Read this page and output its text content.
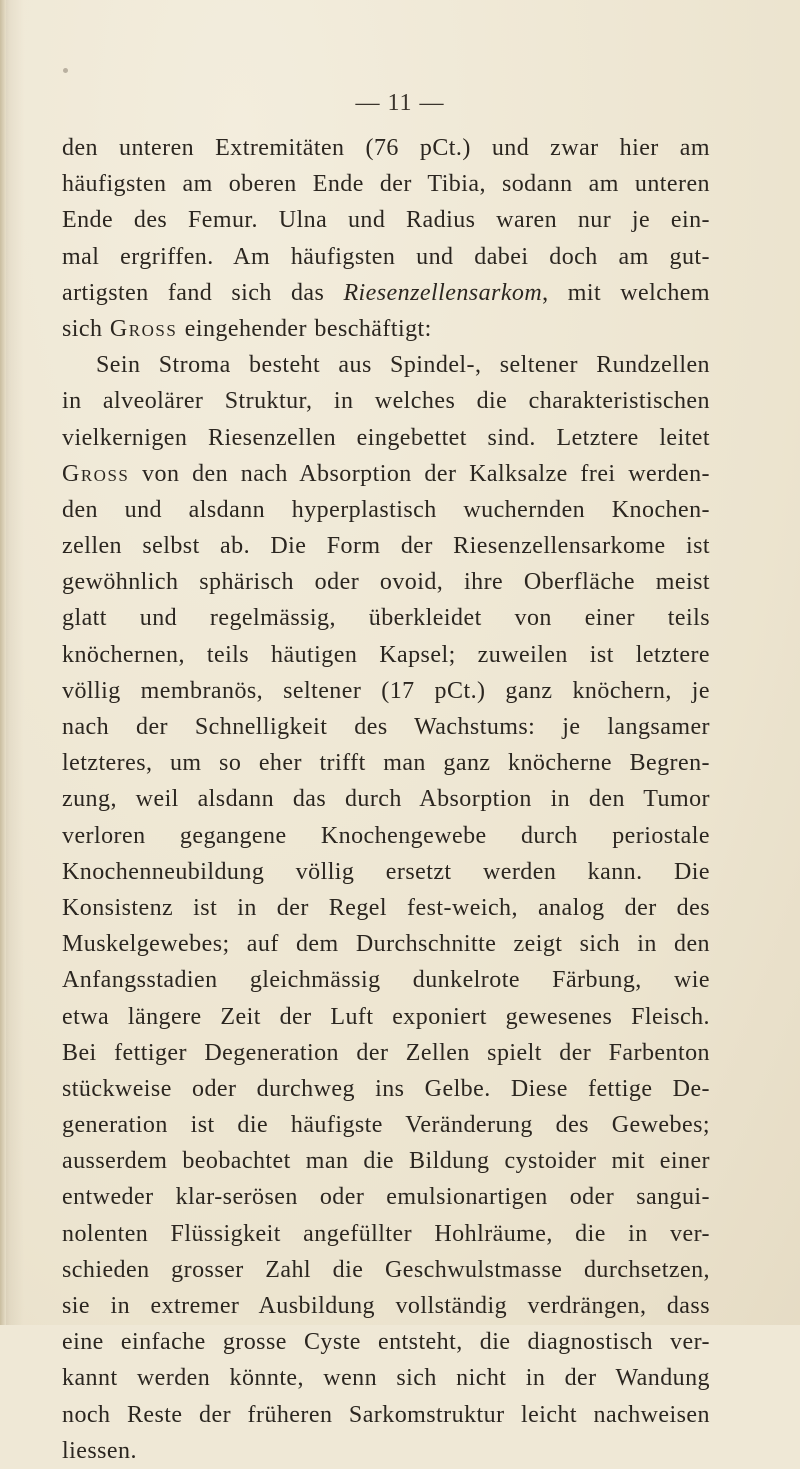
— 11 —
den unteren Extremitäten (76 pCt.) und zwar hier am
häufigsten am oberen Ende der Tibia, sodann am unteren
Ende des Femur. Ulna und Radius waren nur je ein-
mal ergriffen. Am häufigsten und dabei doch am gut-
artigsten fand sich das Riesenzellensarkom, mit welchem
sich Gross eingehender beschäftigt:
Sein Stroma besteht aus Spindel-, seltener Rundzellen
in alveolärer Struktur, in welches die charakteristischen
vielkernigen Riesenzellen eingebettet sind. Letztere leitet
Gross von den nach Absorption der Kalksalze frei werden-
den und alsdann hyperplastisch wuchernden Knochen-
zellen selbst ab. Die Form der Riesenzellensarkome ist
gewöhnlich sphärisch oder ovoid, ihre Oberfläche meist
glatt und regelmässig, überkleidet von einer teils
knöchernen, teils häutigen Kapsel; zuweilen ist letztere
völlig membranös, seltener (17 pCt.) ganz knöchern, je
nach der Schnelligkeit des Wachstums: je langsamer
letzteres, um so eher trifft man ganz knöcherne Begren-
zung, weil alsdann das durch Absorption in den Tumor
verloren gegangene Knochengewebe durch periostale
Knochenneubildung völlig ersetzt werden kann. Die
Konsistenz ist in der Regel fest-weich, analog der des
Muskelgewebes; auf dem Durchschnitte zeigt sich in den
Anfangsstadien gleichmässig dunkelrote Färbung, wie
etwa längere Zeit der Luft exponiert gewesenes Fleisch.
Bei fettiger Degeneration der Zellen spielt der Farbenton
stückweise oder durchweg ins Gelbe. Diese fettige De-
generation ist die häufigste Veränderung des Gewebes;
ausserdem beobachtet man die Bildung cystoider mit einer
entweder klar-serösen oder emulsionartigen oder sangui-
nolenten Flüssigkeit angefüllter Hohlräume, die in ver-
schieden grosser Zahl die Geschwulstmasse durchsetzen,
sie in extremer Ausbildung vollständig verdrängen, dass
eine einfache grosse Cyste entsteht, die diagnostisch ver-
kannt werden könnte, wenn sich nicht in der Wandung
noch Reste der früheren Sarkomstruktur leicht nachweisen
liessen.
